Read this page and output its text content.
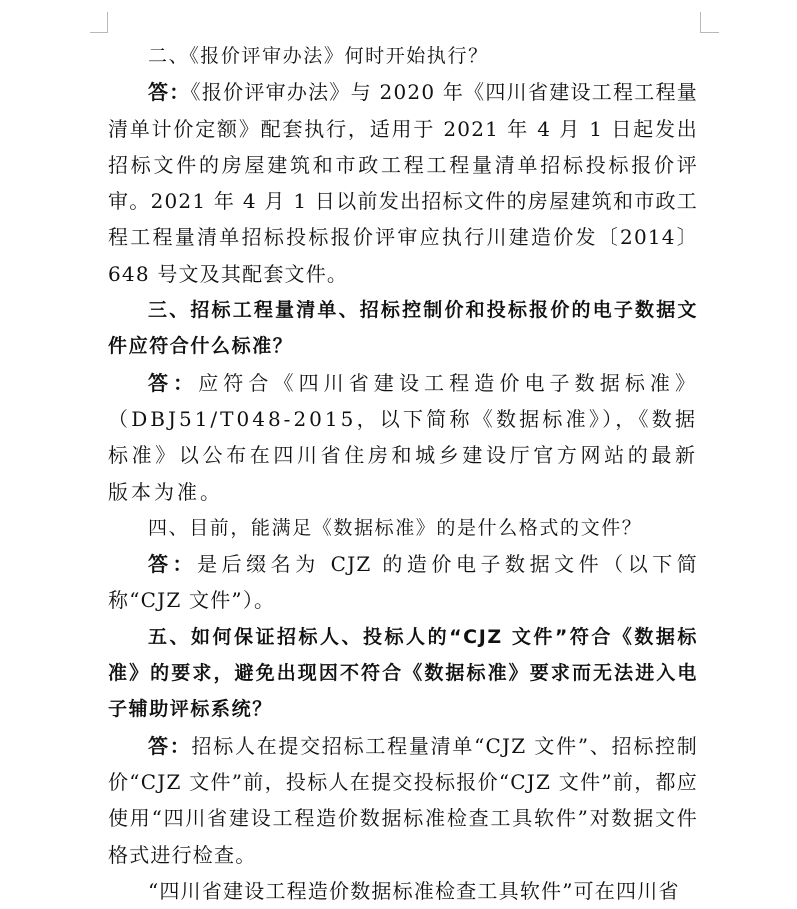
二、《报价评审办法》何时开始执行？

答：《报价评审办法》与 2020 年《四川省建设工程工程量清单计价定额》配套执行，适用于 2021 年 4 月 1 日起发出招标文件的房屋建筑和市政工程工程量清单招标投标报价评审。2021 年 4 月 1 日以前发出招标文件的房屋建筑和市政工程工程量清单招标投标报价评审应执行川建造价发〔2014〕648 号文及其配套文件。

三、招标工程量清单、招标控制价和投标报价的电子数据文件应符合什么标准？

答：应符合《四川省建设工程造价电子数据标准》（DBJ51/T048-2015，以下简称《数据标准》），《数据标准》以公布在四川省住房和城乡建设厅官方网站的最新版本为准。

四、目前，能满足《数据标准》的是什么格式的文件？

答：是后缀名为 CJZ 的造价电子数据文件（以下简称“CJZ 文件”）。

五、如何保证招标人、投标人的“CJZ 文件”符合《数据标准》的要求，避免出现因不符合《数据标准》要求而无法进入电子辅助评标系统？

答：招标人在提交招标工程量清单“CJZ 文件”、招标控制价“CJZ 文件”前，投标人在提交投标报价“CJZ 文件”前，都应使用“四川省建设工程造价数据标准检查工具软件”对数据文件格式进行检查。

“四川省建设工程造价数据标准检查工具软件”可在四川省
